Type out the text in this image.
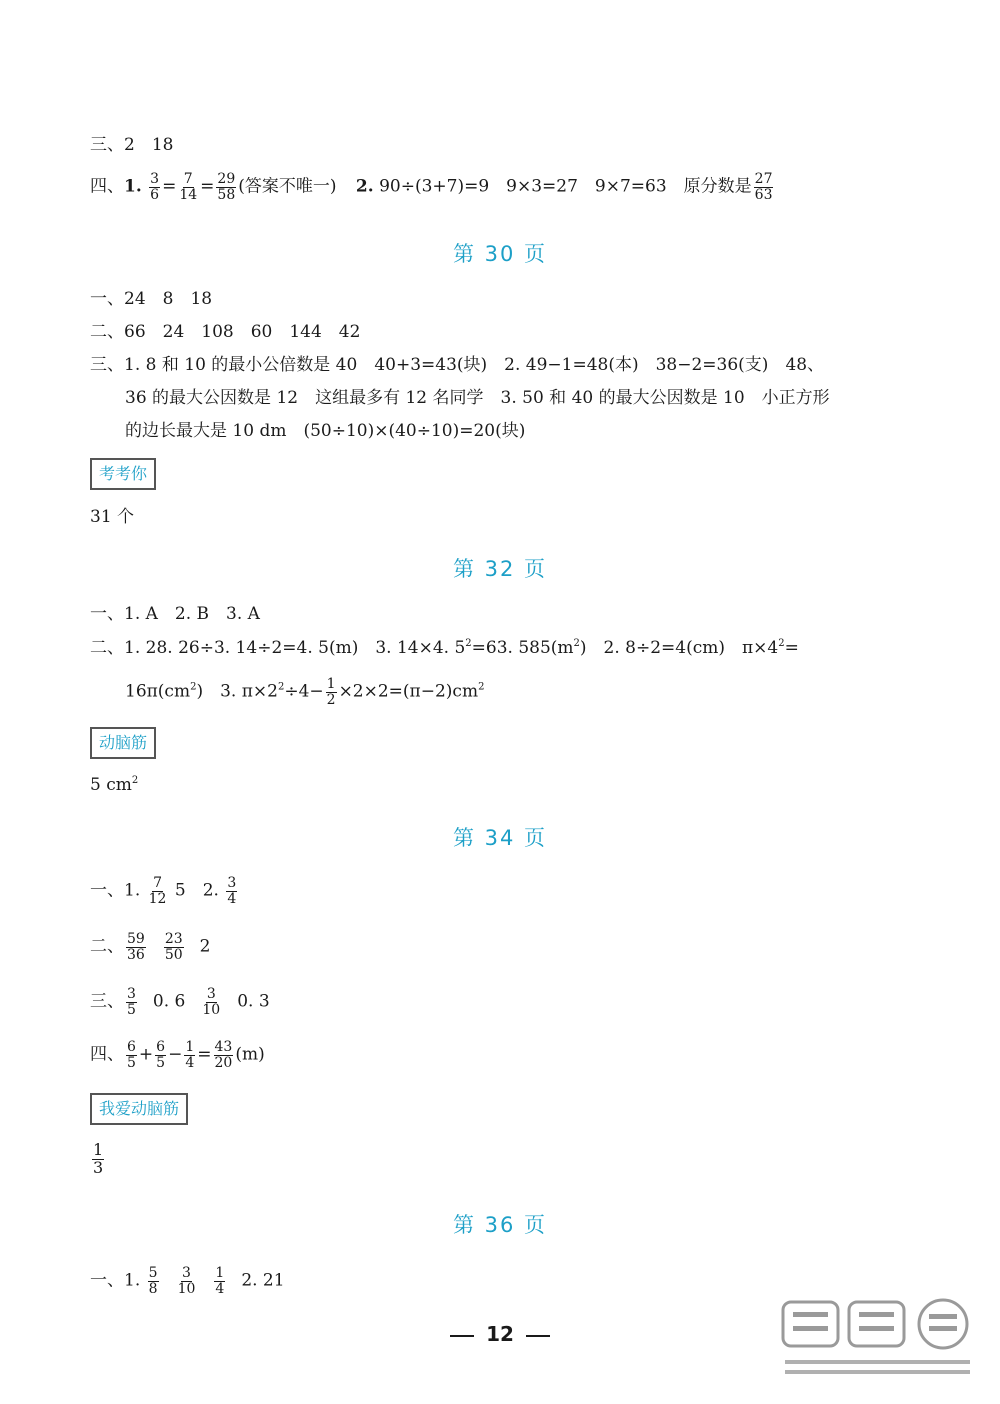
三、2　18
四、1. $\frac{3}{6} = \frac{7}{14} = \frac{29}{58}$ (答案不唯一) 2. 90÷(3+7)=9　9×3=27　9×7=63　原分数是 $\frac{27}{63}$
第 30 页
一、24　8　18
二、66　24　108　60　144　42
三、1. 8 和 10 的最小公倍数是 40　40+3=43(块)　2. 49−1=48(本)　38−2=36(支)　48、
36 的最大公因数是 12　这组最多有 12 名同学　3. 50 和 40 的最大公因数是 10　小正方形
的边长最大是 10 dm　(50÷10)×(40÷10)=20(块)
考考你
31 个
第 32 页
一、1. A　2. B　3. A
二、1. 28. 26÷3. 14÷2=4. 5(m)　3. 14×4. $5^2=63$. $585(m^2)$　2. 8÷2=4(cm)　$\pi\times 4^2=$
$16\pi(cm^2)$　3. $\pi\times 2^2\div 4- \frac{1}{2} \times 2\times 2=(\pi-2)cm^2$
动脑筋
5 $cm^2$
第 34 页
一、1. $\frac{7}{12} 5$　2. $\frac{3}{4}$
二、 $\frac{59}{36} \frac{23}{50} 2$
三、 $\frac{3}{5} 0$. $6 \frac{3}{10} 0$. 3
四、 $\frac{6}{5} + \frac{6}{5} - \frac{1}{4} = \frac{43}{20} (m)$
我爱动脑筋
$\frac{1}{3}$
第 36 页
一、1. $\frac{5}{8} \frac{3}{10} \frac{1}{4} 2$. 21
12
